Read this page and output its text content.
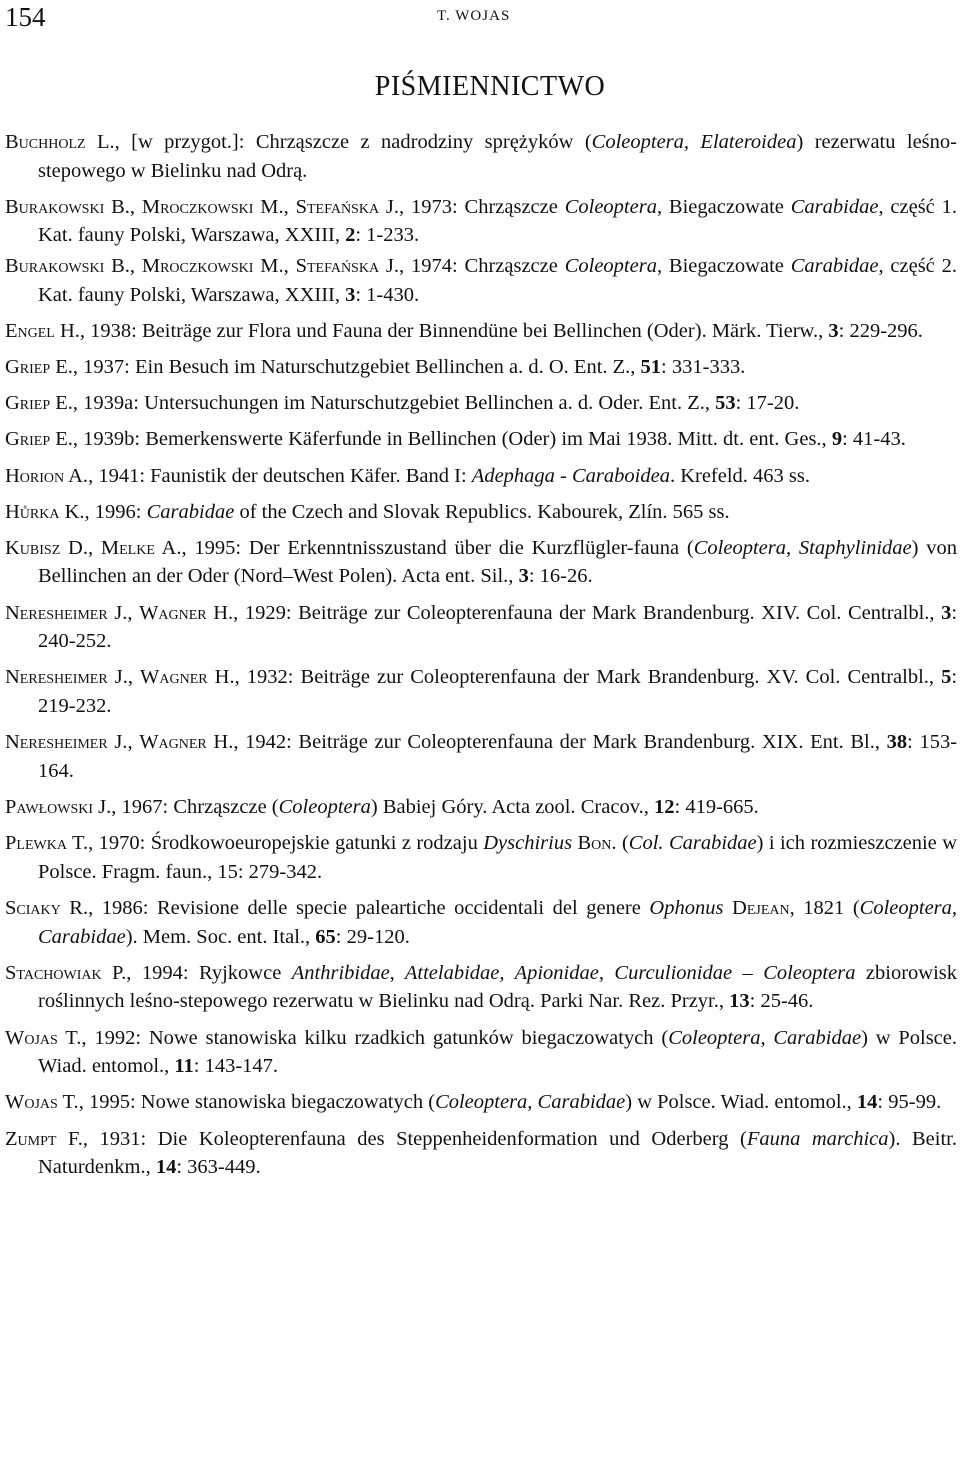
154	T. WOJAS
PIŚMIENNICTWO
Buchholz L., [w przygot.]: Chrząszcze z nadrodziny sprężyków (Coleoptera, Elateroidea) rezerwatu leśno-stepowego w Bielinku nad Odrą.
Burakowski B., Mroczkowski M., Stefańska J., 1973: Chrząszcze Coleoptera, Biegaczowate Carabidae, część 1. Kat. fauny Polski, Warszawa, XXIII, 2: 1-233.
Burakowski B., Mroczkowski M., Stefańska J., 1974: Chrząszcze Coleoptera, Biegaczowate Carabidae, część 2. Kat. fauny Polski, Warszawa, XXIII, 3: 1-430.
Engel H., 1938: Beiträge zur Flora und Fauna der Binnendüne bei Bellinchen (Oder). Märk. Tierw., 3: 229-296.
Griep E., 1937: Ein Besuch im Naturschutzgebiet Bellinchen a. d. O. Ent. Z., 51: 331-333.
Griep E., 1939a: Untersuchungen im Naturschutzgebiet Bellinchen a. d. Oder. Ent. Z., 53: 17-20.
Griep E., 1939b: Bemerkenswerte Käferfunde in Bellinchen (Oder) im Mai 1938. Mitt. dt. ent. Ges., 9: 41-43.
Horion A., 1941: Faunistik der deutschen Käfer. Band I: Adephaga - Caraboidea. Krefeld. 463 ss.
Hůrka K., 1996: Carabidae of the Czech and Slovak Republics. Kabourek, Zlín. 565 ss.
Kubisz D., Melke A., 1995: Der Erkenntnisszustand über die Kurzflügler-fauna (Coleoptera, Staphylinidae) von Bellinchen an der Oder (Nord–West Polen). Acta ent. Sil., 3: 16-26.
Neresheimer J., Wagner H., 1929: Beiträge zur Coleopterenfauna der Mark Brandenburg. XIV. Col. Centralbl., 3: 240-252.
Neresheimer J., Wagner H., 1932: Beiträge zur Coleopterenfauna der Mark Brandenburg. XV. Col. Centralbl., 5: 219-232.
Neresheimer J., Wagner H., 1942: Beiträge zur Coleopterenfauna der Mark Brandenburg. XIX. Ent. Bl., 38: 153-164.
Pawłowski J., 1967: Chrząszcze (Coleoptera) Babiej Góry. Acta zool. Cracov., 12: 419-665.
Plewka T., 1970: Środkowoeuropejskie gatunki z rodzaju Dyschirius Bon. (Col. Carabidae) i ich rozmieszczenie w Polsce. Fragm. faun., 15: 279-342.
Sciaky R., 1986: Revisione delle specie paleartiche occidentali del genere Ophonus Dejean, 1821 (Coleoptera, Carabidae). Mem. Soc. ent. Ital., 65: 29-120.
Stachowiak P., 1994: Ryjkowce Anthribidae, Attelabidae, Apionidae, Curculionidae – Coleoptera zbiorowisk roślinnych leśno-stepowego rezerwatu w Bielinku nad Odrą. Parki Nar. Rez. Przyr., 13: 25-46.
Wojas T., 1992: Nowe stanowiska kilku rzadkich gatunków biegaczowatych (Coleoptera, Carabidae) w Polsce. Wiad. entomol., 11: 143-147.
Wojas T., 1995: Nowe stanowiska biegaczowatych (Coleoptera, Carabidae) w Polsce. Wiad. entomol., 14: 95-99.
Zumpt F., 1931: Die Koleopterenfauna des Steppenheidenformation und Oderberg (Fauna marchica). Beitr. Naturdenkm., 14: 363-449.
